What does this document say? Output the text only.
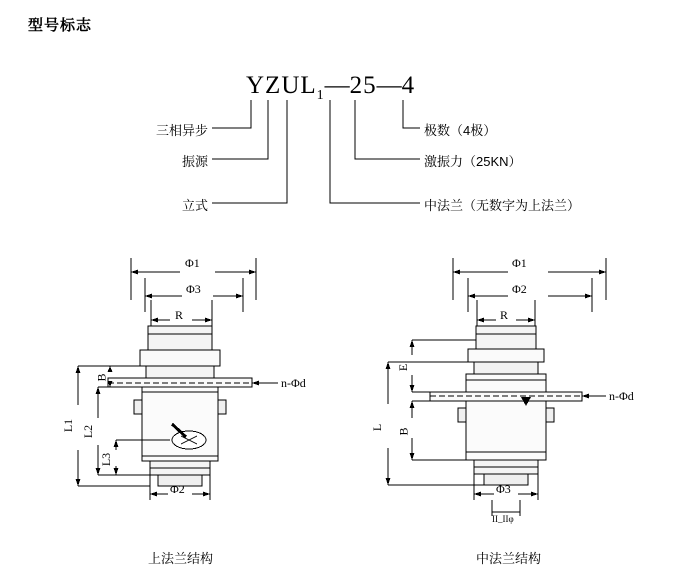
型号标志
$YZUL_1—25—4$
三相异步
振源
立式
极数（4极）
激振力（25KN）
中法兰（无数字为上法兰）
Φ1
Φ3
R
Φ2
L1 L2
L3
B	n-Φd
上法兰结构
Φ1
Φ2
R
Φ3
ΙΙ_ΙΙφ
L
E
B
n-Φd
中法兰结构
